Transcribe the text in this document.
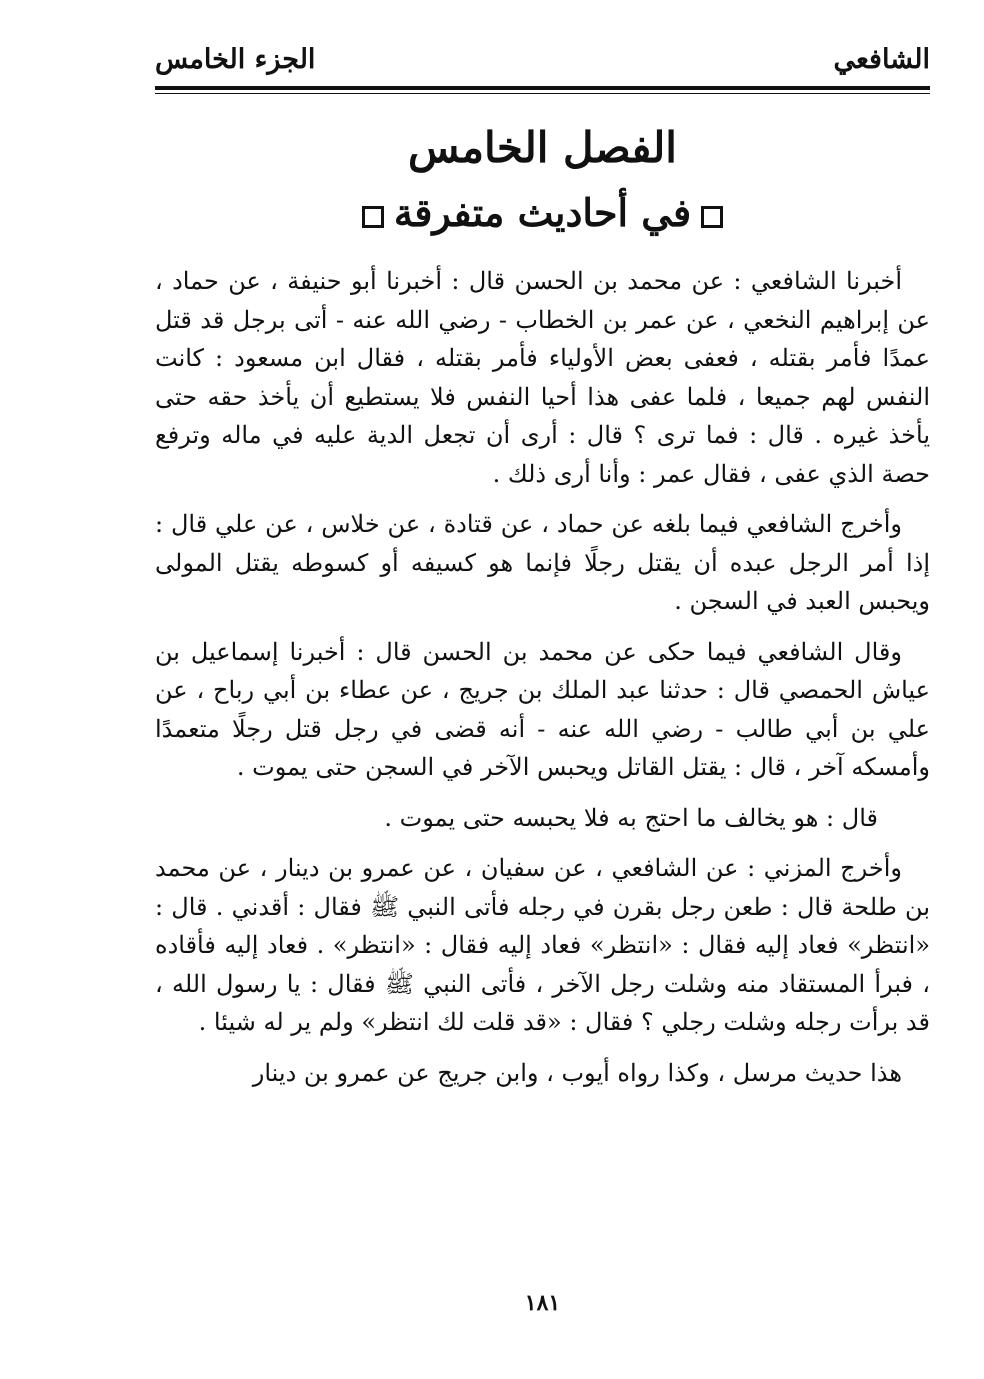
الشافعي
الجزء الخامس
الفصل الخامس
في أحاديث متفرقة

أخبرنا الشافعي : عن محمد بن الحسن قال : أخبرنا أبو حنيفة ، عن حماد ، عن إبراهيم النخعي ، عن عمر بن الخطاب - رضي الله عنه - أتى برجل قد قتل عمدًا فأمر بقتله ، فعفى بعض الأولياء فأمر بقتله ، فقال ابن مسعود : كانت النفس لهم جميعا ، فلما عفى هذا أحيا النفس فلا يستطيع أن يأخذ حقه حتى يأخذ غيره . قال : فما ترى ؟ قال : أرى أن تجعل الدية عليه في ماله وترفع حصة الذي عفى ، فقال عمر : وأنا أرى ذلك .

وأخرج الشافعي فيما بلغه عن حماد ، عن قتادة ، عن خلاس ، عن علي قال : إذا أمر الرجل عبده أن يقتل رجلًا فإنما هو كسيفه أو كسوطه يقتل المولى ويحبس العبد في السجن .

وقال الشافعي فيما حكى عن محمد بن الحسن قال : أخبرنا إسماعيل بن عياش الحمصي قال : حدثنا عبد الملك بن جريج ، عن عطاء بن أبي رباح ، عن علي بن أبي طالب - رضي الله عنه - أنه قضى في رجل قتل رجلًا متعمدًا وأمسكه آخر ، قال : يقتل القاتل ويحبس الآخر في السجن حتى يموت .

قال : هو يخالف ما احتج به فلا يحبسه حتى يموت .

وأخرج المزني : عن الشافعي ، عن سفيان ، عن عمرو بن دينار ، عن محمد بن طلحة قال : طعن رجل بقرن في رجله فأتى النبي ﷺ فقال : أقدني . قال : «انتظر» فعاد إليه فقال : «انتظر» فعاد إليه فقال : «انتظر» . فعاد إليه فأقاده ، فبرأ المستقاد منه وشلت رجل الآخر ، فأتى النبي ﷺ فقال : يا رسول الله ، قد برأت رجله وشلت رجلي ؟ فقال : «قد قلت لك انتظر» ولم ير له شيئا .

هذا حديث مرسل ، وكذا رواه أيوب ، وابن جريج عن عمرو بن دينار

١٨١
